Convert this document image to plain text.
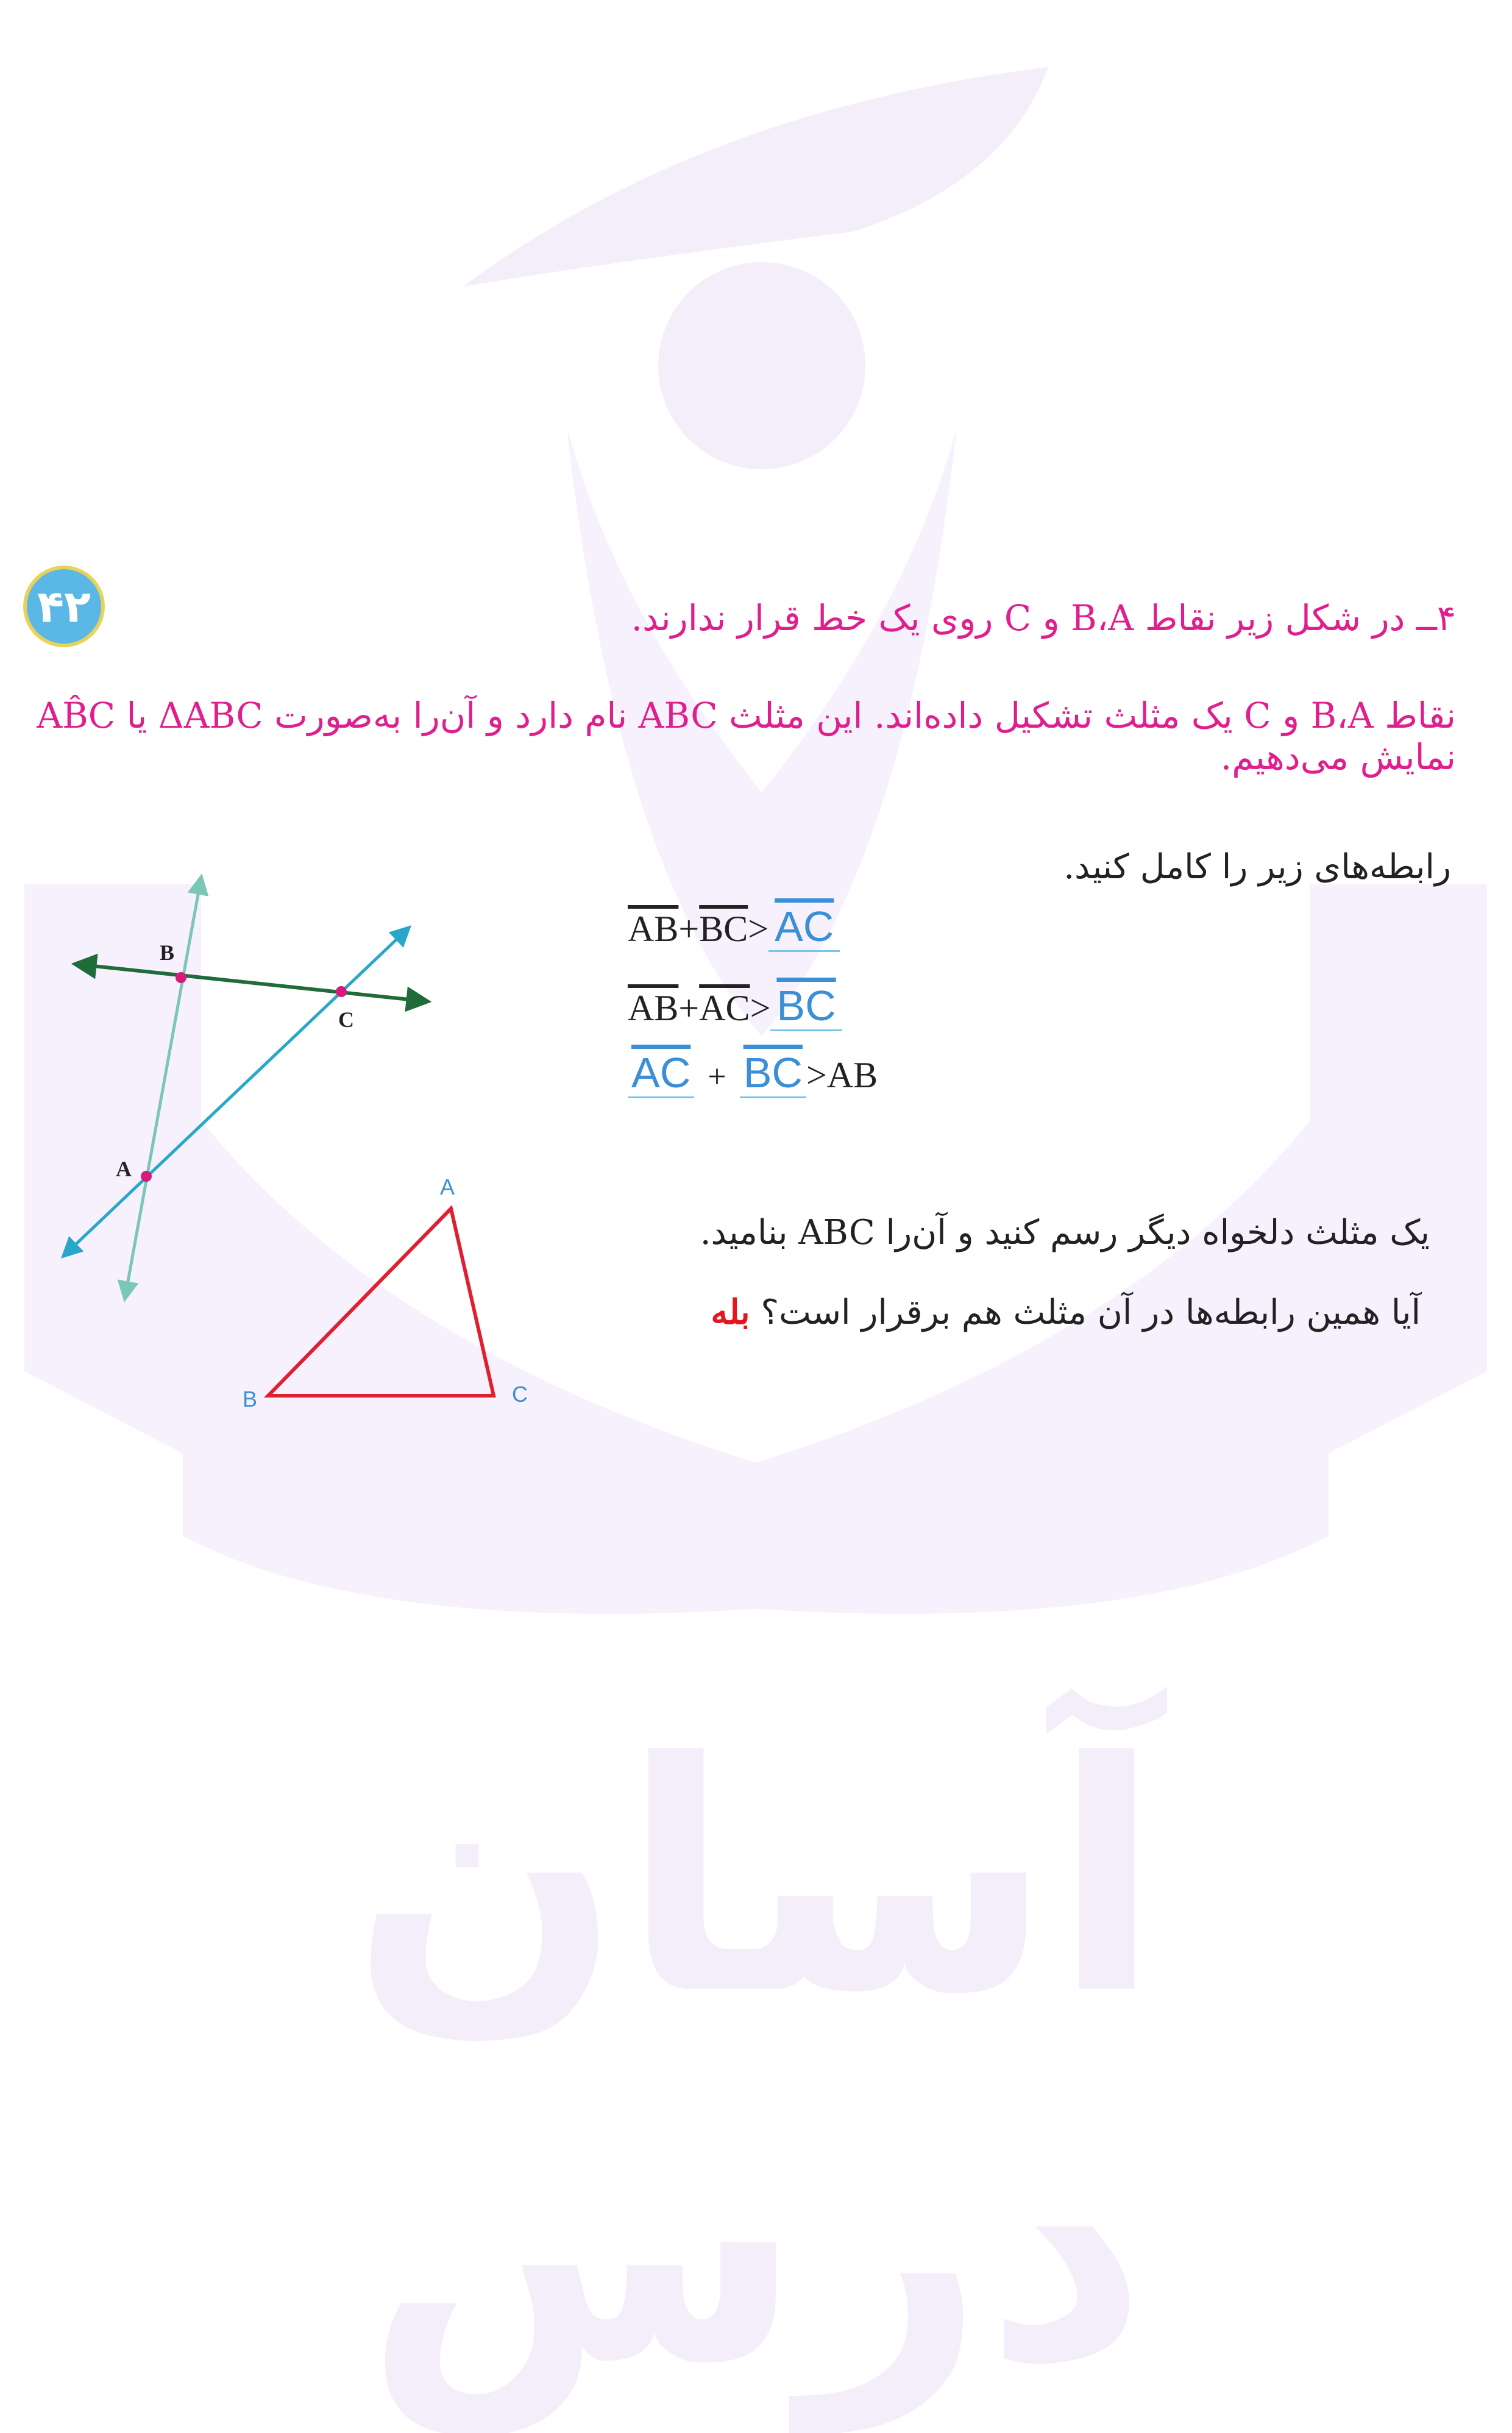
آسان درس
۴۲	۴ــ در شکل زیر نقاط B،A و C روی یک خط قرار ندارند.
نقاط B،A و C یک مثلث تشکیل داده‌اند. این مثلث ABC نام دارد و آن‌را به‌صورت ΔABC یا AB̂C نمایش می‌دهیم.
رابطه‌های زیر را کامل کنید.
$\overline{AB}+\overline{BC}> \overline{AC}$
$\overline{AB}+\overline{AC}> \overline{BC}$
$\overline{AC} + \overline{BC} >AB$
یک مثلث دلخواه دیگر رسم کنید و آن‌را ABC بنامید.
آیا همین رابطه‌ها در آن مثلث هم برقرار است؟ بله
B
C
A
A
B	C
